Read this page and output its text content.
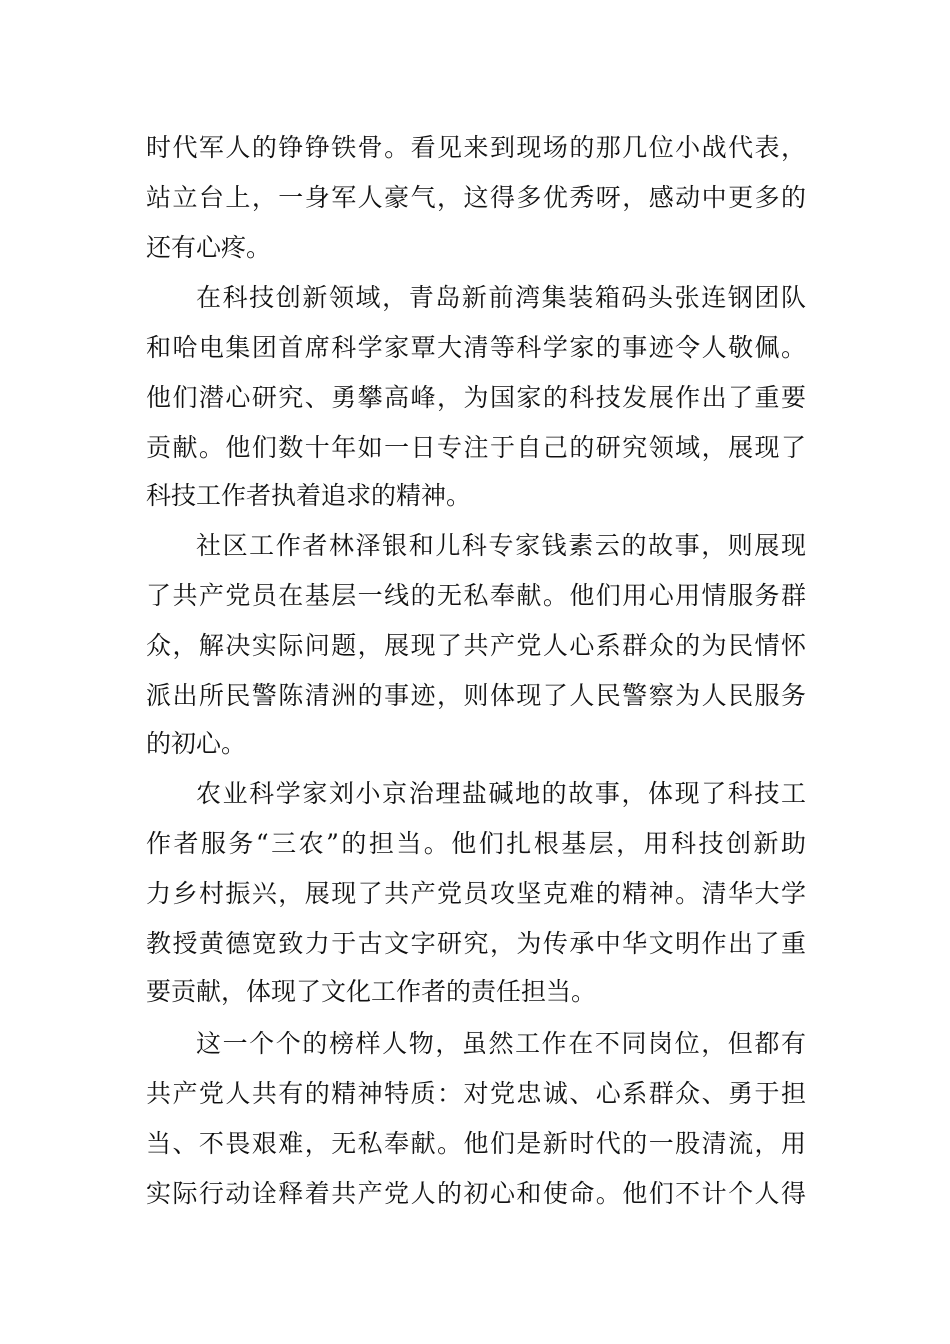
时代军人的铮铮铁骨。看见来到现场的那几位小战代表，
站立台上，一身军人豪气，这得多优秀呀，感动中更多的
还有心疼。
在科技创新领域，青岛新前湾集装箱码头张连钢团队
和哈电集团首席科学家覃大清等科学家的事迹令人敬佩。
他们潜心研究、勇攀高峰，为国家的科技发展作出了重要
贡献。他们数十年如一日专注于自己的研究领域，展现了
科技工作者执着追求的精神。
社区工作者林泽银和儿科专家钱素云的故事，则展现
了共产党员在基层一线的无私奉献。他们用心用情服务群
众，解决实际问题，展现了共产党人心系群众的为民情怀
派出所民警陈清洲的事迹，则体现了人民警察为人民服务
的初心。
农业科学家刘小京治理盐碱地的故事，体现了科技工
作者服务“三农”的担当。他们扎根基层，用科技创新助
力乡村振兴，展现了共产党员攻坚克难的精神。清华大学
教授黄德宽致力于古文字研究，为传承中华文明作出了重
要贡献，体现了文化工作者的责任担当。
这一个个的榜样人物，虽然工作在不同岗位，但都有
共产党人共有的精神特质：对党忠诚、心系群众、勇于担
当、不畏艰难，无私奉献。他们是新时代的一股清流，用
实际行动诠释着共产党人的初心和使命。他们不计个人得
